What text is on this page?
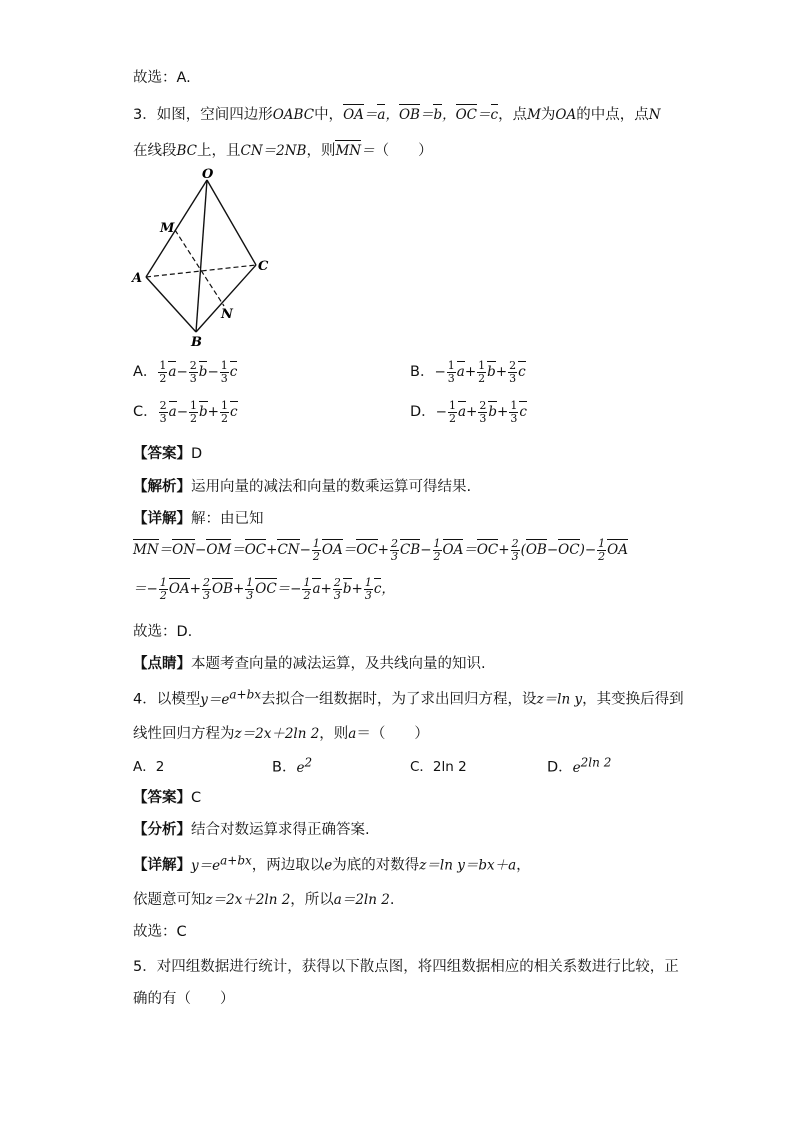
故选：A.
3．如图，空间四边形OABC中，OA＝a，OB＝b，OC＝c，点M为OA的中点，点N
在线段BC上，且CN＝2NB，则MN＝（　　）
O
M
A
C
B
N
A． $\frac{1}{2} a- \frac{2}{3} b- \frac{1}{3}$ c	B．− $\frac{1}{3} a+ \frac{1}{2} b+ \frac{2}{3}$ c
C． $\frac{2}{3} a- \frac{1}{2} b+ \frac{1}{2}$ c	D．− $\frac{1}{2} a+ \frac{2}{3} b+ \frac{1}{3}$ c
【答案】D
【解析】运用向量的减法和向量的数乘运算可得结果.
【详解】解：由已知
$MN=ON-OM=OC+CN- \frac{1}{2} OA=OC+ \frac{2}{3} CB- \frac{1}{2} OA=OC+ \frac{2}{3} (OB-OC)- \frac{1}{2}$ OA
＝− $\frac{1}{2} OA+ \frac{2}{3} OB+ \frac{1}{3} OC=- \frac{1}{2} a+ \frac{2}{3} b+ \frac{1}{3}$ c，
故选：D.
【点睛】本题考查向量的减法运算，及共线向量的知识.
4．以模型$y=e^{a+bx}$去拟合一组数据时，为了求出回归方程，设z＝ln y，其变换后得到
线性回归方程为z＝2x＋2ln 2，则a＝（　　）
A．2	B．$e^2$	C．2ln 2	D．$e^{2ln 2}$
【答案】C
【分析】结合对数运算求得正确答案.
【详解】$y=e^{a+bx}$，两边取以e为底的对数得z＝ln y＝bx＋a，
依题意可知z＝2x＋2ln 2，所以a＝2ln 2.
故选：C
5．对四组数据进行统计，获得以下散点图，将四组数据相应的相关系数进行比较，正
确的有（　　）
